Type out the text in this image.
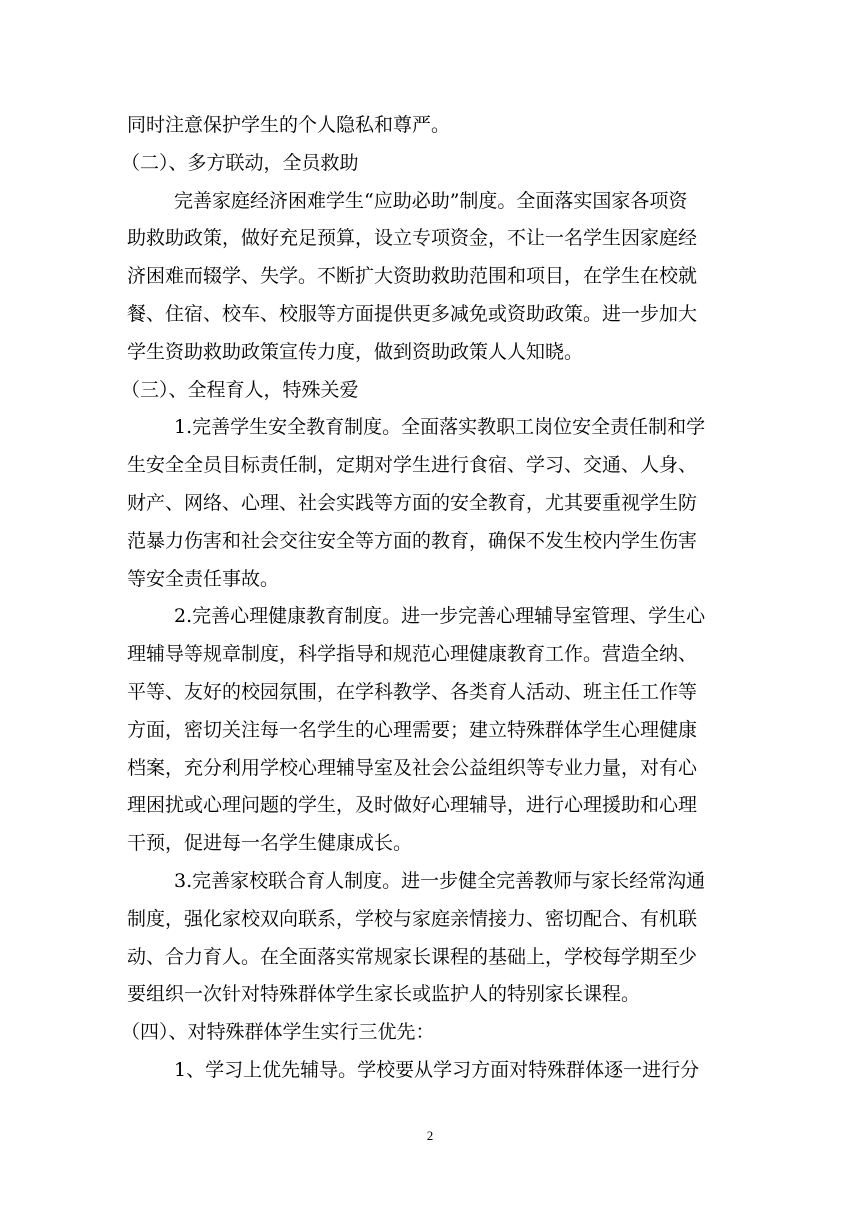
同时注意保护学生的个人隐私和尊严。
（二）、多方联动，全员救助
完善家庭经济困难学生“应助必助”制度。全面落实国家各项资
助救助政策，做好充足预算，设立专项资金，不让一名学生因家庭经
济困难而辍学、失学。不断扩大资助救助范围和项目，在学生在校就
餐、住宿、校车、校服等方面提供更多减免或资助政策。进一步加大
学生资助救助政策宣传力度，做到资助政策人人知晓。
（三）、全程育人，特殊关爱
1.完善学生安全教育制度。全面落实教职工岗位安全责任制和学
生安全全员目标责任制，定期对学生进行食宿、学习、交通、人身、
财产、网络、心理、社会实践等方面的安全教育，尤其要重视学生防
范暴力伤害和社会交往安全等方面的教育，确保不发生校内学生伤害
等安全责任事故。
2.完善心理健康教育制度。进一步完善心理辅导室管理、学生心
理辅导等规章制度，科学指导和规范心理健康教育工作。营造全纳、
平等、友好的校园氛围，在学科教学、各类育人活动、班主任工作等
方面，密切关注每一名学生的心理需要；建立特殊群体学生心理健康
档案，充分利用学校心理辅导室及社会公益组织等专业力量，对有心
理困扰或心理问题的学生，及时做好心理辅导，进行心理援助和心理
干预，促进每一名学生健康成长。
3.完善家校联合育人制度。进一步健全完善教师与家长经常沟通
制度，强化家校双向联系，学校与家庭亲情接力、密切配合、有机联
动、合力育人。在全面落实常规家长课程的基础上，学校每学期至少
要组织一次针对特殊群体学生家长或监护人的特别家长课程。
（四）、对特殊群体学生实行三优先：
1、学习上优先辅导。学校要从学习方面对特殊群体逐一进行分
2
